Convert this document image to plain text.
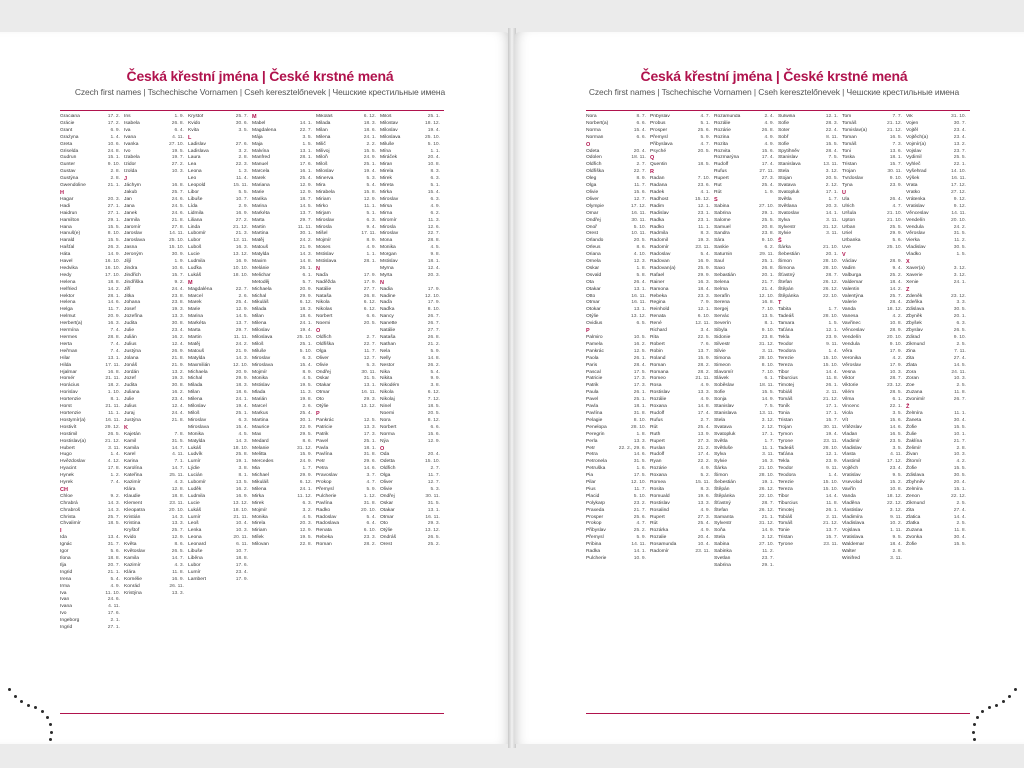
Česká křestní jména | České krstné mená
Czech first names | Tschechische Vornamen | Cseh keresztelőnevek | Чешские крестильные имена
Graciána	17. 2.
Grácie	17. 2.
Grant	6. 9.
Grażyna	1. 4.
Greta	10. 6.
Griselda	24. 8.
Gudrun	15. 1.
Gunter	9. 10.
Gustav	2. 8.
Gustýna	2. 8.
Gwendoline	21. 1.
H
Hagar	20. 3.
Hadi	27. 1.
Haidrun	27. 1.
Hamilton	29. 1.
Hana	15. 5.
Hanuš(e)	8. 10.
Harald	15. 5.
Hašťal	26. 3.
Háta	14. 9.
Havel	16. 10.
Hedvika	16. 10.
Hedy	17. 10.
Helena	18. 8.
Helfried	14. 2.
Hektor	28. 1.
Helena	14. 6.
Helga	11. 7.
Helmut	20. 9.
Herbert(a)	16. 3.
Hermína	7. 4.
Hermes	28. 8.
Herta	7. 4.
Heřman	7. 4.
Hilar	13. 1.
Hilda	17. 11.
Hjalmar	16. 8.
Homér	21. 11.
Horácius	18. 2.
Horislav	1. 10.
Hortenzie	8. 1.
Horst	21. 11.
Hortenzie	11. 1.
Hostymír(a)	16. 11.
Hostivít	29. 12.
Hostimil	26. 5.
Hostislav(a)	21. 12.
Hubert	3. 11.
Hugo	1. 4.
Hvězdoslav	4. 12.
Hyacint	17. 8.
Hynek	1. 2.
Hyrek	7. 4.
CH
Chloe	9. 2.
Chrabrá	14. 3.
Chrabroš	14. 3.
Christa	25. 7.
Chvalimír	18. 5.
I
Ida	13. 4.
Ignác	31. 7.
Igor	5. 6.
Ilona	18. 8.
Ilja	20. 7.
Ingrid	21. 1.
Irena	5. 4.
Irma	4. 9.
Iva	11. 10.
Ivan	24. 6.
Ivana	4. 11.
Ivo	17. 6.
Ingeborg	2. 1.
Ingrid	27. 1.
Iris	1. 9.
Isabela	26. 8.
Iva	6. 4.
Ivana	4. 11.
Ivanka	27. 10.
Ivo	19. 5.
Izabela	19. 7.
Izidor	27. 2.
Izolda	10. 3.
J
Jáchym	16. 8.
Jakub	25. 7.
Jan	24. 6.
Jana	24. 5.
Janek	24. 6.
Jarmila	21. 8.
Jaromír	27. 8.
Jaroslav	14. 11.
Jaroslava	25. 10.
Jasna	15. 10.
Jeroným	30. 9.
Jiljí	1. 9.
Jindra	10. 6.
Jindřich	15. 7.
Jindřiška	9. 2.
Jiří	24. 4.
Jitka	23. 8.
Johana	23. 8.
Josef	19. 3.
Jozefína	13. 3.
Judita	30. 8.
Julie	23. 4.
Julián	16. 2.
Julius	12. 4.
Justýna	26. 9.
Jolana	21. 8.
Jonáš	21. 9.
Jordán	13. 2.
Jozef	19. 3.
Judita	30. 8.
Juliana	16. 2.
Julie	23. 4.
Julius	12. 4.
Juraj	24. 4.
Justýna	21. 8.
K
Kajetán	7. 8.
Kamil	31. 5.
Kamila	14. 7.
Karel	4. 11.
Karina	7. 1.
Karolína	14. 7.
Kateřina	25. 11.
Kazimír	4. 3.
Klára	12. 8.
Klaudie	18. 8.
Klement	23. 11.
Kleopatra	20. 10.
Kristián	14. 3.
Kristina	13. 3.
Kryštof	25. 7.
Kvido	12. 9.
Květa	8. 6.
Květoslav	26. 5.
Kamila	14. 7.
Kazimír	4. 3.
Klára	11. 8.
Kornélie	16. 9.
Konrád	26. 11.
Kristýna	13. 3.
Kryštof	25. 7.
Kvido	30. 6.
Kvita	3. 5.
L
Ladislav	27. 6.
Ladislava	3. 2.
Laura	2. 8.
Lea	22. 3.
Leona	1. 3.
Leo	11. 4.
Leopold	15. 11.
Libor	5. 5.
Libuše	10. 7.
Lída	2. 9.
Lidmila	16. 9.
Liliana	27. 2.
Linda	21. 12.
Lubomír	21. 3.
Lubor	12. 11.
Luboš	16. 3.
Lucie	13. 12.
Ludmila	16. 9.
Luďka	10. 10.
Lukáš	18. 10.
M
Magdaléna	22. 7.
Marcel	2. 6.
Marek	25. 4.
Marie	12. 9.
Marina	14. 5.
Markéta	13. 7.
Marta	29. 7.
Martin	11. 11.
Matěj	24. 2.
Matouš	21. 9.
Matylda	14. 3.
Maxmilián	12. 10.
Michaela	20. 9.
Michal	29. 9.
Milada	18. 3.
Milan	18. 6.
Milena	24. 1.
Miloslav	19. 4.
Miloš	25. 1.
Miroslav	6. 3.
Miroslava	15. 4.
Monika	4. 5.
Matylda	14. 3.
Lukáš	18. 10.
Ludvík	25. 8.
Lumír	19. 1.
Lýdie	3. 8.
Lucián	8. 1.
Lubomír	13. 5.
Luděk	16. 2.
Ludmila	16. 9.
Lucie	13. 12.
Lukáš	18. 10.
Lumír	21. 11.
Leoš	10. 4.
Lenka	10. 3.
Leona	20. 11.
Leonard	6. 11.
Libuše	10. 7.
Liběna	18. 8.
Lubor	17. 6.
Lumír	23. 4.
Lambert	17. 9.
M
Mabel	14. 1.
Magdalena	22. 7.
Mája	3. 5.
Maja	1. 5.
Malvína	13. 1.
Manfred	28. 1.
Manuel	17. 6.
Marcela	16. 1.
Marek	25. 4.
Mariana	12. 9.
Marie	12. 9.
Marika	18. 7.
Marina	14. 5.
Markéta	13. 7.
Marta	29. 7.
Martin	11. 11.
Martina	30. 1.
Matěj	24. 2.
Matouš	21. 9.
Matylda	14. 3.
Maxim	14. 8.
Melánie	26. 1.
Melichar	6. 1.
Metoděj	5. 7.
Michaela	20. 9.
Michal	29. 9.
Mikuláš	6. 12.
Milada	18. 3.
Milan	18. 6.
Milena	24. 1.
Miloslav	19. 4.
Miloslava	25. 10.
Miloš	25. 1.
Miluše	5. 10.
Miroslav	6. 3.
Miroslava	15. 4.
Mojmír	8. 9.
Monika	4. 5.
Mstislav	19. 5.
Mlada	11. 3.
Marián	19. 8.
Marcel	2. 6.
Markus	25. 4.
Martina	30. 1.
Maurice	22. 9.
Max	29. 5.
Medard	8. 6.
Melanie	31. 12.
Melitta	15. 9.
Mercedes	24. 9.
Mia	1. 7.
Michael	29. 9.
Mikuláš	6. 12.
Milena	24. 1.
Mirka	11. 12.
Mirek	6. 3.
Mojmír	3. 2.
Monika	4. 5.
Mirela	20. 3.
Miriam	12. 9.
Mílek	19. 5.
Milovan	22. 8.
Mikoláš	6. 12.
Milada	18. 3.
Milan	18. 6.
Milena	24. 1.
Milič	2. 2.
Milivoj	15. 5.
Miloň	24. 9.
Miloš	25. 1.
Miloslav	19. 4.
Minerva	5. 3.
Mira	5. 4.
Mirabela	15. 8.
Miriam	12. 9.
Mirko	11. 1.
Mirjam	5. 1.
Miroslav	6. 3.
Mirosla	9. 4.
Mišel	17. 11.
Mojmír	8. 9.
Moses	4. 9.
Mstislav	1. 1.
Mstislava	28. 1.
N
Naďa	17. 9.
Naděžda	17. 9.
Natálie	27. 7.
Nataša	26. 8.
Nikola	6. 12.
Nikolas	6. 12.
Norbert	6. 6.
Noemi	20. 5.
O
Oldřich	2. 7.
Oldřiška	22. 7.
Olga	11. 7.
Oliver	12. 7.
Olivie	5. 3.
Ondřej	30. 11.
Oskar	31. 5.
Otakar	13. 1.
Otmar	16. 11.
Oto	29. 3.
Otýlie	13. 12.
P
Pankrác	12. 5.
Patricie	13. 3.
Patrik	17. 3.
Pavel	25. 1.
Pavla	18. 1.
Pavlína	31. 8.
Petr	29. 6.
Petra	14. 6.
Pravoslav	3. 7.
Prokop	4. 7.
Přemysl	5. 9.
Pulcherie	1. 12.
Pavlína	31. 8.
Radko	20. 10.
Radoslav	5. 4.
Radoslava	6. 4.
Renata	6. 10.
Rebeka	23. 3.
Roman	28. 2.
Miloš	25. 1.
Milostav	18. 12.
Miloslav	19. 4.
Miloslava	25. 10.
Miluše	5. 10.
Mína	1. 1.
Miráček	20. 4.
Miran	10. 8.
Mirela	8. 3.
Mirek	6. 3.
Mireta	5. 1.
Mirka	15. 4.
Miroslav	6. 3.
Mirsa	4. 9.
Mirna	6. 2.
Miromír	11. 3.
Mirosla	12. 6.
Miroslav	22. 7.
Mona	28. 8.
Monika	4. 5.
Morgan	9. 8.
Mstislav	18. 1.
Myrna	12. 4.
Myrta	20. 3.
N
Nadia	17. 9.
Nadine	12. 10.
Naďa	17. 9.
Naďka	8. 10.
Nancy	26. 7.
Nanette	26. 7.
Natálie	27. 7.
Nataša	26. 8.
Nathan	21. 2.
Nela	5. 9.
Nelly	14. 8.
Nestor	26. 2.
Nika	5. 4.
Nikita	9. 9.
Nikodém	3. 8.
Nikola	6. 12.
Nikolaj	7. 12.
Ninel	18. 5.
Noemi	20. 5.
Nora	8. 12.
Norbert	6. 6.
Norma	15. 6.
Nýa	12. 9.
O
Oda	20. 4.
Odetta	15. 10.
Oldřich	2. 7.
Olga	11. 7.
Oliver	12. 7.
Olivie	5. 3.
Ondřej	30. 11.
Oskar	31. 5.
Otakar	13. 1.
Otmar	16. 11.
Oto	29. 3.
Otýlie	13. 12.
Ondráš	26. 5.
Orest	25. 2.
Česká křestní jména | České krstné mená
Czech first names | Tschechische Vornamen | Cseh keresztelőnevek | Чешские крестильные имена
Nora	8. 7.
Norbert(a)	6. 6.
Norma	15. 4.
Norman	6. 6.
O
Odeta	20. 4.
Odolen	18. 11.
Oldřich	2. 7.
Oldřiška	22. 7.
Oleg	8. 9.
Olga	11. 7.
Olivie	15. 6.
Oliver	12. 7.
Olympie	17. 12.
Omar	16. 11.
Ondřej	30. 11.
Onoř	5. 10.
Orest	10. 11.
Orlando	20. 5.
Orleus	8. 6.
Oriana	4. 10.
Ornela	12. 3.
Oskar	1. 8.
Osvald	5. 8.
Ota	26. 4.
Otakar	13. 1.
Otto	16. 11.
Otmar	16. 11.
Otokar	13. 1.
Otýlie	13. 12.
Ovidius	6. 5.
P
Palmiro	10. 5.
Pamela	16. 2.
Pankrác	12. 5.
Paola	26. 1.
Paris	28. 4.
Pascal	17. 5.
Patricie	17. 3.
Patrik	17. 3.
Paula	26. 1.
Pavel	25. 1.
Pavla	18. 1.
Pavlína	31. 8.
Pelagie	8. 10.
Penelopa	28. 10.
Peregrin	1. 8.
Perla	13. 3.
Petr	22. 2., 29. 6.
Petra	14. 6.
Petronela	31. 5.
Petruška	1. 6.
Pia	17. 5.
Pilar	12. 10.
Pius	11. 7.
Placid	5. 10.
Polykarp	23. 2.
Praxeda	21. 7.
Prosper	25. 6.
Prokop	4. 7.
Přibyslav	25. 2.
Přemysl	5. 9.
Pribina	14. 11.
Radka	14. 1.
Pulcherie	10. 9.
Pribyslav	4. 7.
Probus	5. 1.
Prosper	25. 6.
Přemysl	5. 9.
Přibyslava	4. 7.
Psyché	20. 5.
Q
Quentin	18. 5.
R
Radan	7. 10.
Radana	23. 6.
Radek	4. 1.
Radhost	15. 12.
Radim	12. 1.
Radislav	23. 1.
Radka	23. 1.
Radko	11. 1.
Radmila	8. 3.
Radomil	19. 3.
Radomír	23. 11.
Radoslav	5. 4.
Radovan	16. 9.
Radovan(a)	25. 9.
Rafael	29. 9.
Rainer	16. 3.
Ramona	18. 4.
Rebeka	23. 3.
Regina	7. 9.
Reinhold	12. 1.
Renata	6. 10.
René	12. 11.
Richard	3. 4.
Rita	22. 5.
Robert	7. 6.
Robin	13. 7.
Roland	15. 9.
Roman	28. 2.
Romana	28. 2.
Romeo	21. 11.
Rosa	4. 9.
Rostislav	13. 3.
Rozálie	4. 9.
Roxana	14. 8.
Rudolf	17. 4.
Rufus	2. 7.
Rút	25. 4.
Ruth	13. 9.
Rupert	27. 3.
Ruslan	21. 2.
Rudolf	17. 4.
Ryan	22. 2.
Rozárie	4. 9.
Roxana	5. 2.
Romea	15. 11.
Rosita	8. 3.
Romuald	19. 6.
Rostislav	13. 3.
Rosalind	4. 9.
Rupert	27. 3.
Rút	25. 4.
Rozárka	4. 9.
Rozalie	20. 4.
Rosamunda	10. 4.
Radomír	23. 11.
Rozamunda	2. 4.
Rozálie	4. 9.
Rozárie	26. 8.
Rozina	4. 9.
Rozita	4. 9.
Rozvita	15. 6.
Rozmarýna	17. 4.
Rudolf	17. 4.
Rufus	27. 11.
Rupert	27. 3.
Rut	25. 4.
Rút	1. 9.
S
Sabina	27. 10.
Sabrina	29. 1.
Salome	25. 5.
Samuel	20. 8.
Sandra	23. 8.
Sára	9. 10.
Saskie	6. 2.
Saturnin	29. 11.
Saul	25. 1.
Saxo	26. 8.
Sebastián	20. 1.
Selena	21. 7.
Selma	21. 4.
Serafín	12. 10.
Serena	16. 8.
Sergej	7. 10.
Servác	13. 5.
Severín	8. 1.
Sibyla	9. 10.
Sidonie	23. 8.
Silvestr	31. 12.
Silvie	3. 11.
Simona	28. 10.
Simeon	8. 10.
Slavomír	7. 10.
Slávek	6. 1.
Soběslav	18. 11.
Sofie	15. 5.
Sonja	14. 9.
Stanislav	7. 5.
Stanislava	13. 11.
Stela	3. 12.
Svatava	2. 12.
Svatopluk	17. 1.
Světla	1. 7.
Světluše	11. 1.
Sylva	3. 11.
Sylvie	16. 3.
Šárka	21. 10.
Šimon	28. 10.
Šebestián	19. 1.
Štěpán	26. 12.
Štěpánka	22. 10.
Šťastný	28. 7.
Štefan	26. 12.
Samanta	21. 1.
Sylvestr	31. 12.
Soňa	14. 9.
Stela	3. 12.
Sabina	27. 10.
Sabinka	11. 2.
Svetlan	23. 7.
Sabrina	29. 1.
Sulwina	12. 1.
Sofie	28. 3.
Soter	22. 4.
Sobř	8. 11.
Sofie	15. 5.
Spytihněv	28. 4.
Stanislav	7. 5.
Stanislava	13. 11.
Stela	3. 12.
Stojan	20. 5.
Svatava	2. 12.
Svatopluk	17. 1.
Světla	1. 7.
Světlana	20. 3.
Svatoslav	14. 1.
Sylva	3. 11.
Sylvestr	31. 12.
Sylvie	3. 11.
Š
Šárka	21. 10.
Šebestián	20. 1.
Šimon	28. 10.
Šimona	28. 10.
Šťastný	28. 7.
Štefan	26. 12.
Štěpán	26. 12.
Štěpánka	22. 10.
T
Tabita	1. 7.
Tadeáš	28. 10.
Tamara	1. 5.
Taťána	12. 1.
Tekla	23. 9.
Teodor	9. 11.
Teodora	1. 4.
Terezie	15. 10.
Tereza	15. 10.
Tibor	14. 4.
Tiburcius	11. 8.
Timotej	26. 1.
Tobiáš	2. 11.
Tomáš	21. 12.
Toník	17. 1.
Tonia	17. 1.
Tristan	15. 7.
Trojan	30. 11.
Tymon	19. 4.
Tyrone	23. 11.
Tadeáš	28. 10.
Taťána	12. 1.
Tekla	23. 9.
Teodor	9. 11.
Teodora	1. 4.
Terezie	15. 10.
Tereza	15. 10.
Tibor	14. 4.
Tiburcius	11. 8.
Timotej	26. 1.
Tobiáš	2. 11.
Tomáš	21. 12.
Tonie	13. 7.
Tristan	15. 7.
Tyrone	23. 11.
Tom	7. 7.
Tomáš	21. 12.
Tomislav(a)	21. 12.
Toman	16. 5.
Tomáš	7. 3.
Toni	13. 6.
Toska	18. 1.
Tristan	15. 7.
Trojan	30. 11.
Tvrdoslav	9. 10.
Tyna	23. 9.
U
Ula	26. 4.
Ulrich	4. 7.
Uršula	21. 10.
Upton	21. 10.
Urban	25. 5.
Uriel	29. 9.
Urbanka	5. 6.
Uve	25. 10.
V
Václav	28. 9.
Vadim	9. 4.
Valburga	25. 2.
Valdemar	18. 4.
Valentin	14. 2.
Valentýna	25. 7.
Valerie	28. 4.
Vanda	18. 12.
Vanesa	4. 2.
Vavřinec	10. 8.
Věnceslav	28. 9.
Vendelín	20. 10.
Vendula	9. 10.
Věra	17. 9.
Veronika	4. 2.
Věroslav	17. 9.
Vesna	10. 3.
Viktor	28. 7.
Viktorie	23. 12.
Vilém	28. 5.
Vilma	6. 1.
Vincenc	22. 1.
Viola	3. 5.
Vít	15. 6.
Vítězslav	14. 6.
Vladan	16. 5.
Vladimír	23. 5.
Vladislav	3. 5.
Vlasta	4. 11.
Vlastimil	17. 12.
Vojtěch	23. 4.
Vratislav	9. 5.
Vsevolod	15. 2.
Vavřín	10. 8.
Vanda	18. 12.
Vladěna	22. 12.
Vlastislav	3. 12.
Vladimíra	9. 11.
Vladislava	10. 2.
Vojslava	1. 11.
Vratislava	9. 5.
Waldemar	18. 4.
Walter	2. 8.
Winifred	3. 11.
Vik	31. 10.
Vojen	30. 7.
Vojtěl	23. 4.
Vojtěch(a)	23. 4.
Vojmír(a)	13. 2.
Vojslav	23. 7.
Vydimil	25. 5.
Vyhleč	22. 1.
Vyšehrad	14. 10.
Výšek	16. 11.
Vrata	17. 12.
Vratko	27. 12.
Vrátenka	9. 12.
Vratislav	9. 12.
Věnceslav	14. 11.
Vendelín	20. 10.
Vendula	24. 2.
Věroslav	31. 5.
Vierka	11. 2.
Vladislav	30. 5.
Vladko	1. 5.
X
Xaver(a)	3. 12.
Xaverie	3. 12.
Xenie	24. 1.
Z
Zdeněk	23. 12.
Zdeňka	3. 3.
Zdislava	30. 5.
Zbyněk	20. 1.
Zbyšek	6. 3.
Zbyslav	26. 5.
Zdirad	9. 10.
Zikmund	2. 5.
Zina	7. 11.
Zita	27. 4.
Zlata	14. 5.
Zora	24. 11.
Zoran	10. 3.
Zoe	2. 5.
Zuzana	11. 8.
Zvonimír	26. 7.
Ž
Želmíra	11. 1.
Žaneta	30. 4.
Žofie	15. 5.
Žulie	10. 1.
Žaklína	21. 7.
Želimír	2. 8.
Živan	10. 3.
Žitomír	4. 2.
Žofie	15. 5.
Zdislava	30. 5.
Zbyhněv	20. 4.
Zelmíra	15. 1.
Zenon	22. 12.
Zikmund	2. 5.
Zita	27. 4.
Zlatica	14. 4.
Zlatka	2. 5.
Zuzana	11. 8.
Zvonka	30. 4.
Žofie	15. 5.
